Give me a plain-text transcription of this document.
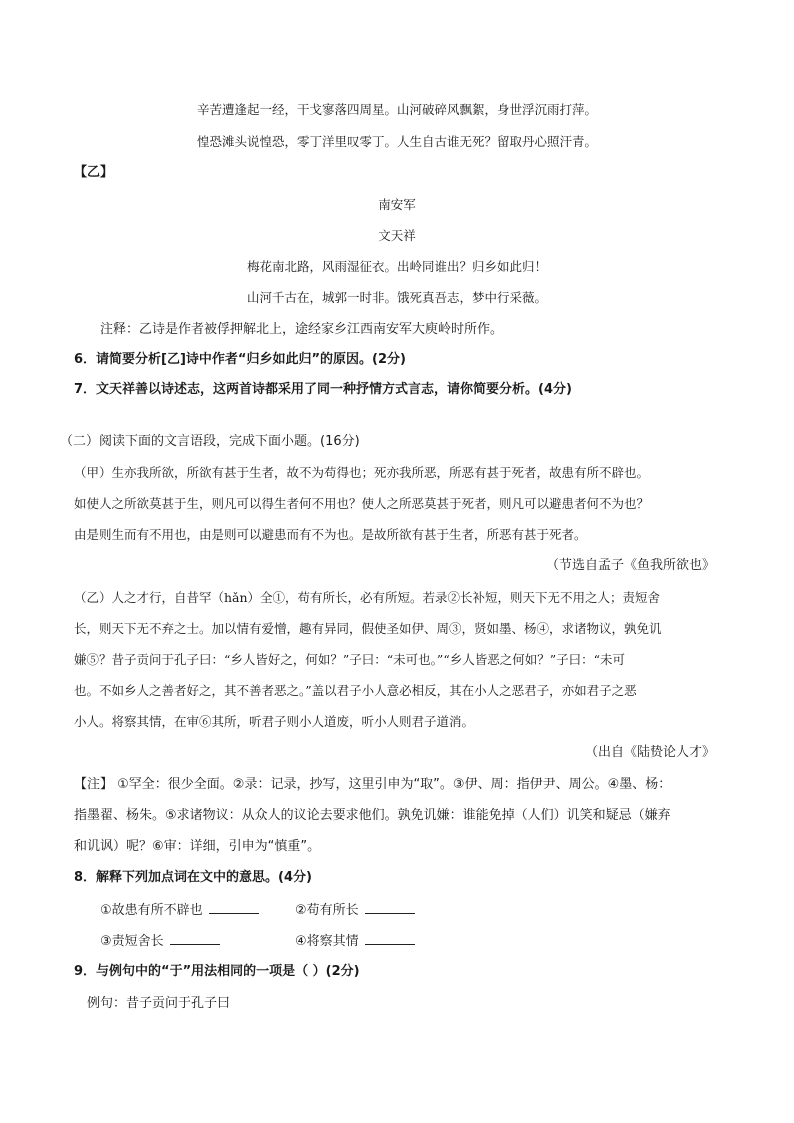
辛苦遭逢起一经，干戈寥落四周星。山河破碎风飘絮，身世浮沉雨打萍。
惶恐滩头说惶恐，零丁洋里叹零丁。人生自古谁无死？留取丹心照汗青。
【乙】
南安军
文天祥
梅花南北路，风雨湿征衣。出岭同谁出？归乡如此归！
山河千古在，城郭一时非。饿死真吾志，梦中行采薇。
注释：乙诗是作者被俘押解北上，途经家乡江西南安军大庾岭时所作。
6．请简要分析[乙]诗中作者“归乡如此归”的原因。(2分)
7．文天祥善以诗述志，这两首诗都采用了同一种抒情方式言志，请你简要分析。(4分)
（二）阅读下面的文言语段，完成下面小题。(16分)
（甲）生亦我所欲，所欲有甚于生者，故不为苟得也；死亦我所恶，所恶有甚于死者，故患有所不辟也。
如使人之所欲莫甚于生，则凡可以得生者何不用也？使人之所恶莫甚于死者，则凡可以避患者何不为也？
由是则生而有不用也，由是则可以避患而有不为也。是故所欲有甚于生者，所恶有甚于死者。
（节选自孟子《鱼我所欲也》
（乙）人之才行，自昔罕（hǎn）全①，苟有所长，必有所短。若录②长补短，则天下无不用之人；责短舍
长，则天下无不弃之士。加以情有爱憎，趣有异同，假使圣如伊、周③，贤如墨、杨④，求诸物议，孰免讥
嫌⑤？昔子贡问于孔子曰：“乡人皆好之，何如？”子曰：“未可也。”“乡人皆恶之何如？”子曰：“未可
也。不如乡人之善者好之，其不善者恶之。”盖以君子小人意必相反，其在小人之恶君子，亦如君子之恶
小人。将察其情，在审⑥其所，听君子则小人道废，听小人则君子道消。
（出自《陆贽论人才》
【注】 ①罕全：很少全面。②录：记录，抄写，这里引申为“取”。③伊、周：指伊尹、周公。④墨、杨：
指墨翟、杨朱。⑤求诸物议：从众人的议论去要求他们。孰免讥嫌：谁能免掉（人们）讥笑和疑忌（嫌弃
和讥讽）呢？⑥审：详细，引申为“慎重”。
8．解释下列加点词在文中的意思。(4分)
①故患有所不辟也	②苟有所长
③责短舍长	④将察其情
9．与例句中的“于”用法相同的一项是（ ）(2分)
例句：昔子贡问于孔子曰
